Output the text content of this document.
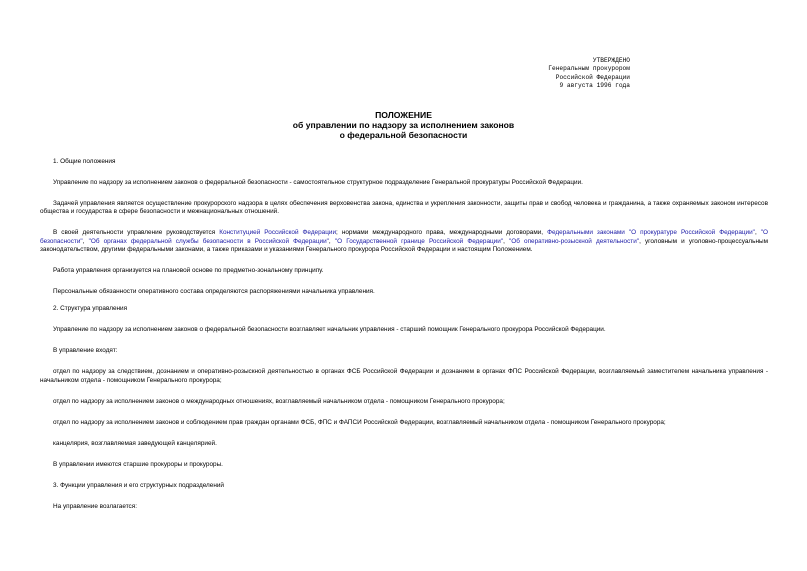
УТВЕРЖДЕНО
Генеральным прокурором
Российской Федерации
9 августа 1996 года
ПОЛОЖЕНИЕ
об управлении по надзору за исполнением законов
о федеральной безопасности

1. Общие положения

Управление по надзору за исполнением законов о федеральной безопасности - самостоятельное структурное подразделение Генеральной прокуратуры Российской Федерации.

Задачей управления является осуществление прокурорского надзора в целях обеспечения верховенства закона, единства и укрепления законности, защиты прав и свобод человека и гражданина, а также охраняемых законом интересов общества и государства в сфере безопасности и межнациональных отношений.

В своей деятельности управление руководствуется Конституцией Российской Федерации; нормами международного права, международными договорами, Федеральными законами "О прокуратуре Российской Федерации", "О безопасности", "Об органах федеральной службы безопасности в Российской Федерации", "О Государственной границе Российской Федерации", "Об оперативно-розыскной деятельности", уголовным и уголовно-процессуальным законодательством, другими федеральными законами, а также приказами и указаниями Генерального прокурора Российской Федерации и настоящим Положением.

Работа управления организуется на плановой основе по предметно-зональному принципу.

Персональные обязанности оперативного состава определяются распоряжениями начальника управления.

2. Структура управления

Управление по надзору за исполнением законов о федеральной безопасности возглавляет начальник управления - старший помощник Генерального прокурора Российской Федерации.

В управление входят:

отдел по надзору за следствием, дознанием и оперативно-розыскной деятельностью в органах ФСБ Российской Федерации и дознанием в органах ФПС Российской Федерации, возглавляемый заместителем начальника управления - начальником отдела - помощником Генерального прокурора;

отдел по надзору за исполнением законов о международных отношениях, возглавляемый начальником отдела - помощником Генерального прокурора;

отдел по надзору за исполнением законов и соблюдением прав граждан органами ФСБ, ФПС и ФАПСИ Российской Федерации, возглавляемый начальником отдела - помощником Генерального прокурора;

канцелярия, возглавляемая заведующей канцелярией.

В управлении имеются старшие прокуроры и прокуроры.

3. Функции управления и его структурных подразделений

На управление возлагается:
